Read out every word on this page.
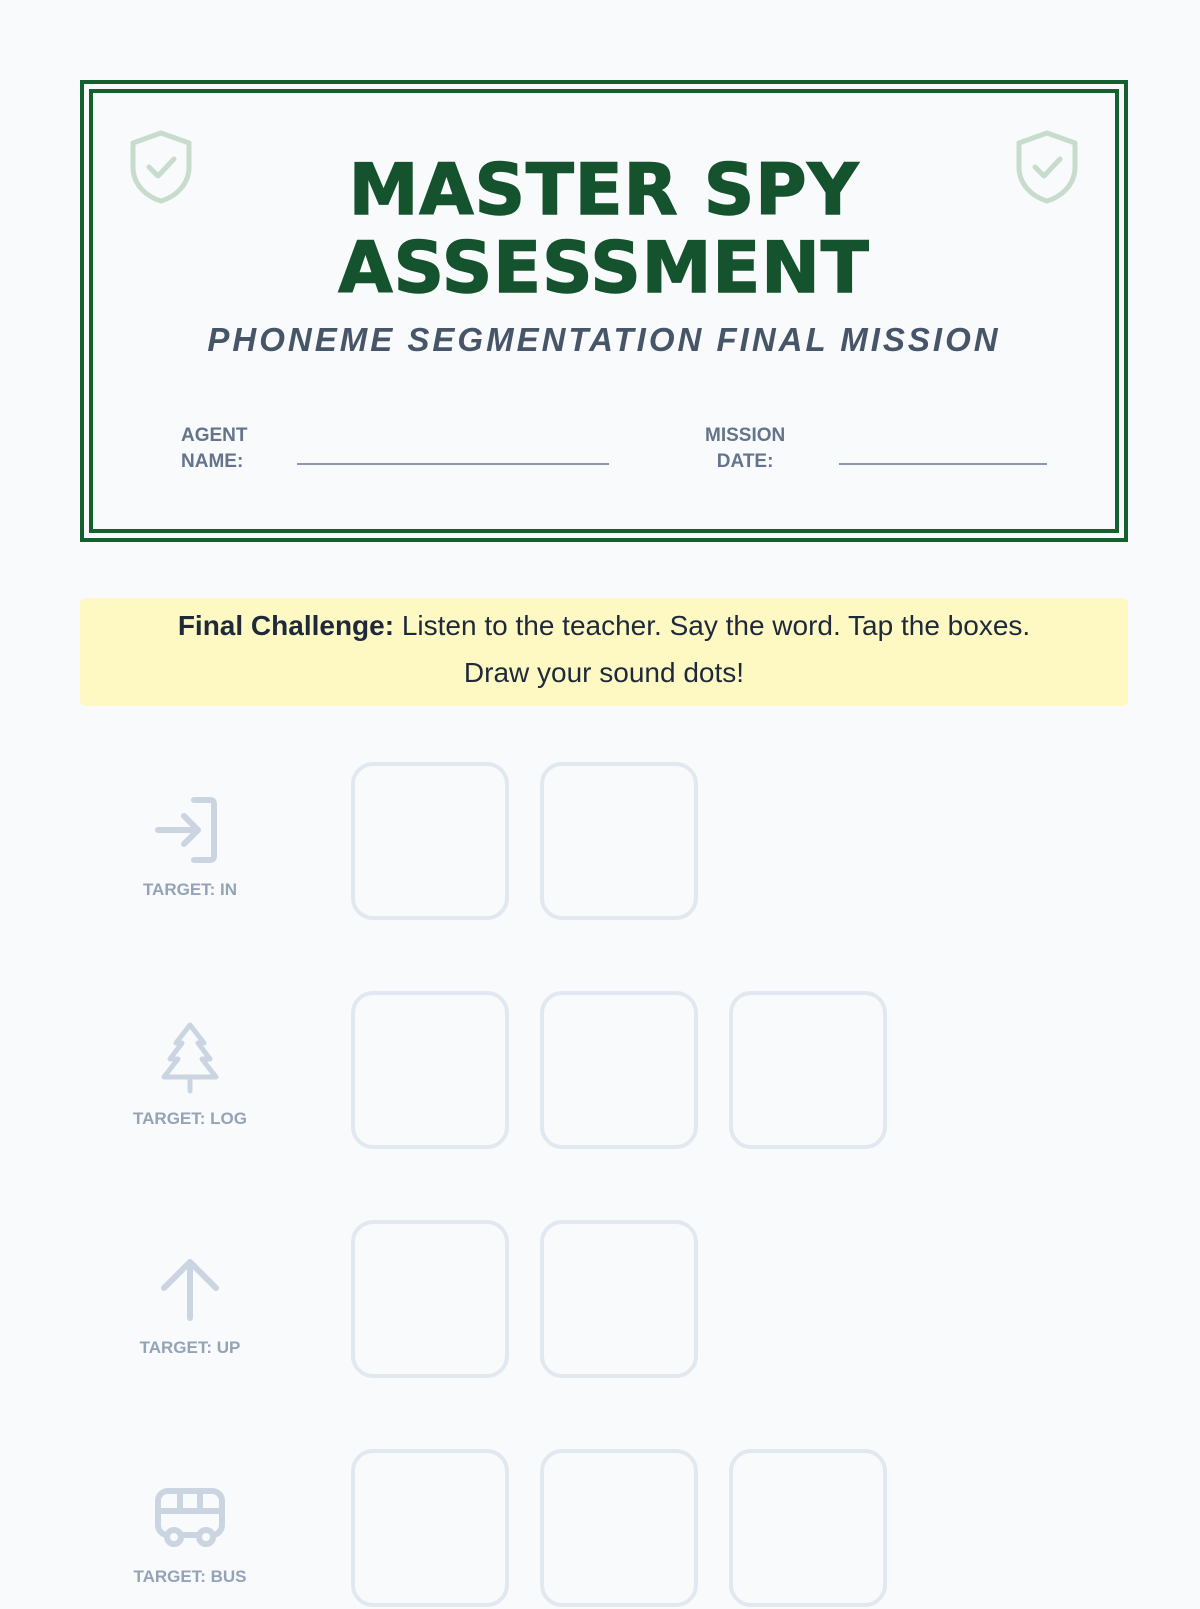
MASTER SPY
ASSESSMENT
PHONEME SEGMENTATION FINAL MISSION
AGENT
NAME:
MISSION
DATE:
Final Challenge: Listen to the teacher. Say the word. Tap the boxes.
Draw your sound dots!
TARGET: IN
TARGET: LOG
TARGET: UP
TARGET: BUS
